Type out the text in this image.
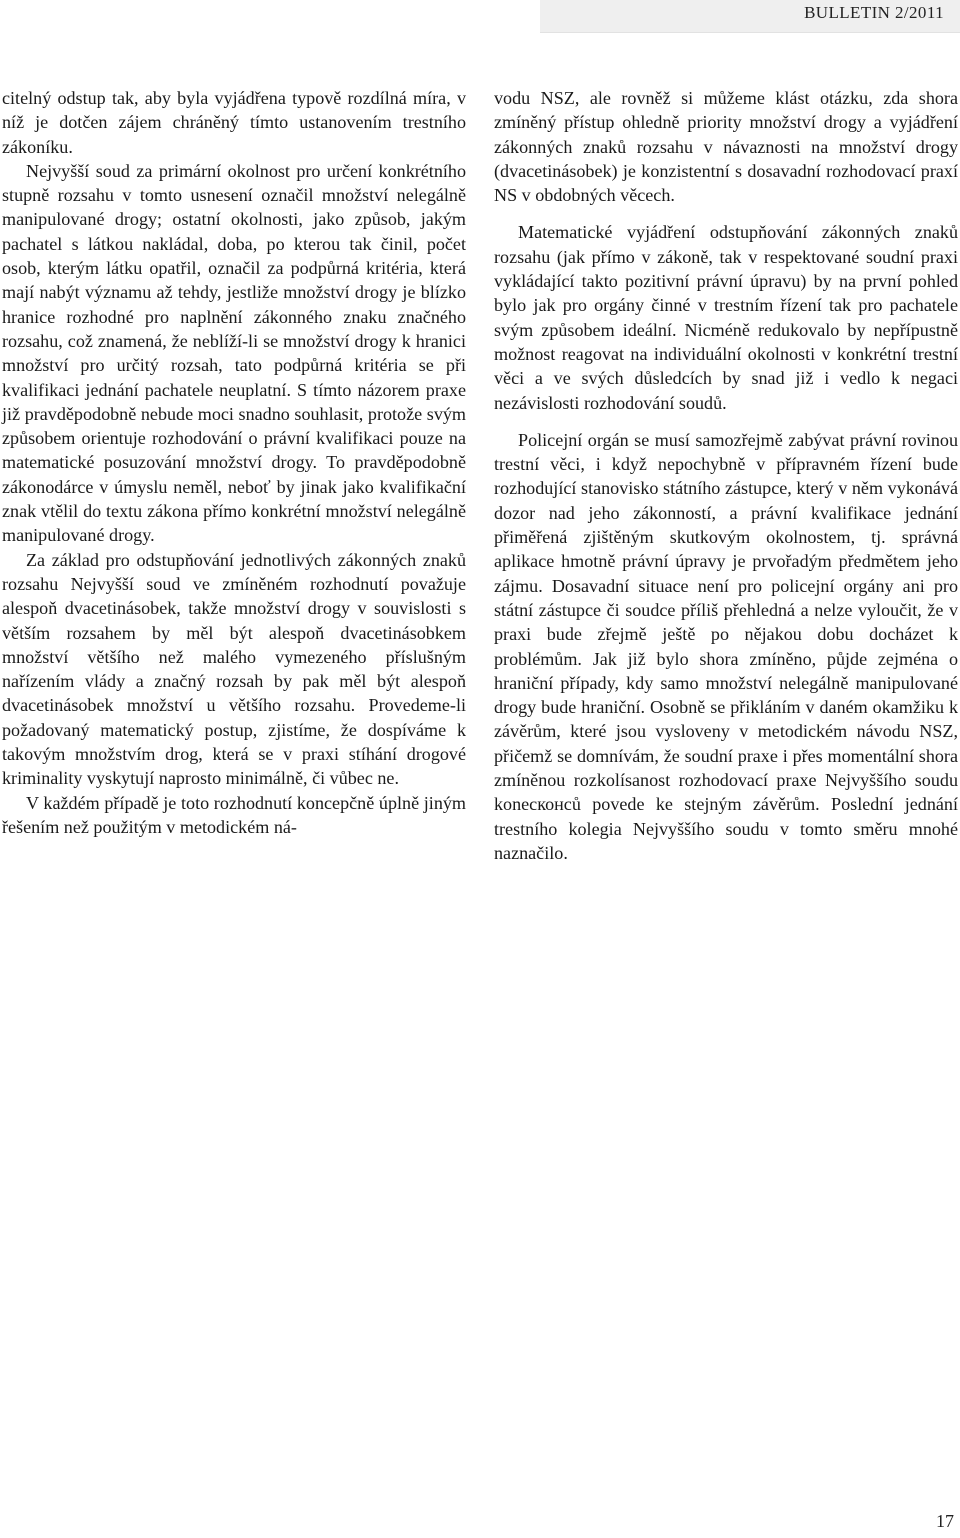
BULLETIN 2/2011

citelný odstup tak, aby byla vyjádřena typově rozdílná míra, v níž je dotčen zájem chráněný tímto ustanovením trestního zákoníku.

Nejvyšší soud za primární okolnost pro určení konkrétního stupně rozsahu v tomto usnesení označil množství nelegálně manipulované drogy; ostatní okolnosti, jako způsob, jakým pachatel s látkou nakládal, doba, po kterou tak činil, počet osob, kterým látku opatřil, označil za podpůrná kritéria, která mají nabýt významu až tehdy, jestliže množství drogy je blízko hranice rozhodné pro naplnění zákonného znaku značného rozsahu, což znamená, že neblíží-li se množství drogy k hranici množství pro určitý rozsah, tato podpůrná kritéria se při kvalifikaci jednání pachatele neuplatní. S tímto názorem praxe již pravděpodobně nebude moci snadno souhlasit, protože svým způsobem orientuje rozhodování o právní kvalifikaci pouze na matematické posuzování množství drogy. To pravděpodobně zákonodárce v úmyslu neměl, neboť by jinak jako kvalifikační znak vtělil do textu zákona přímo konkrétní množství nelegálně manipulované drogy.

Za základ pro odstupňování jednotlivých zákonných znaků rozsahu Nejvyšší soud ve zmíněném rozhodnutí považuje alespoň dvacetinásobek, takže množství drogy v souvislosti s větším rozsahem by měl být alespoň dvacetinásobkem množství většího než malého vymezeného příslušným nařízením vlády a značný rozsah by pak měl být alespoň dvacetinásobek množství u většího rozsahu. Provedeme-li požadovaný matematický postup, zjistíme, že dospíváme k takovým množstvím drog, která se v praxi stíhání drogové kriminality vyskytují naprosto minimálně, či vůbec ne.

V každém případě je toto rozhodnutí koncepčně úplně jiným řešením než použitým v metodickém ná-

vodu NSZ, ale rovněž si můžeme klást otázku, zda shora zmíněný přístup ohledně priority množství drogy a vyjádření zákonných znaků rozsahu v návaznosti na množství drogy (dvacetinásobek) je konzistentní s dosavadní rozhodovací praxí NS v obdobných věcech.

Matematické vyjádření odstupňování zákonných znaků rozsahu (jak přímo v zákoně, tak v respektované soudní praxi vykládající takto pozitivní právní úpravu) by na první pohled bylo jak pro orgány činné v trestním řízení tak pro pachatele svým způsobem ideální. Nicméně redukovalo by nepřípustně možnost reagovat na individuální okolnosti v konkrétní trestní věci a ve svých důsledcích by snad již i vedlo k negaci nezávislosti rozhodování soudů.

Policejní orgán se musí samozřejmě zabývat právní rovinou trestní věci, i když nepochybně v přípravném řízení bude rozhodující stanovisko státního zástupce, který v něm vykonává dozor nad jeho zákonností, a právní kvalifikace jednání přiměřená zjištěným skutkovým okolnostem, tj. správná aplikace hmotně právní úpravy je prvořadým předmětem jeho zájmu. Dosavadní situace není pro policejní orgány ani pro státní zástupce či soudce příliš přehledná a nelze vyloučit, že v praxi bude zřejmě ještě po nějakou dobu docházet k problémům. Jak již bylo shora zmíněno, půjde zejména o hraniční případy, kdy samo množství nelegálně manipulované drogy bude hraniční. Osobně se přikláním v daném okamžiku k závěrům, které jsou vysloveny v metodickém návodu NSZ, přičemž se domnívám, že soudní praxe i přes momentální shora zmíněnou rozkolísanost rozhodovací praxe Nejvyššího soudu konecконců povede ke stejným závěrům. Poslední jednání trestního kolegia Nejvyššího soudu v tomto směru mnohé naznačilo.

17
